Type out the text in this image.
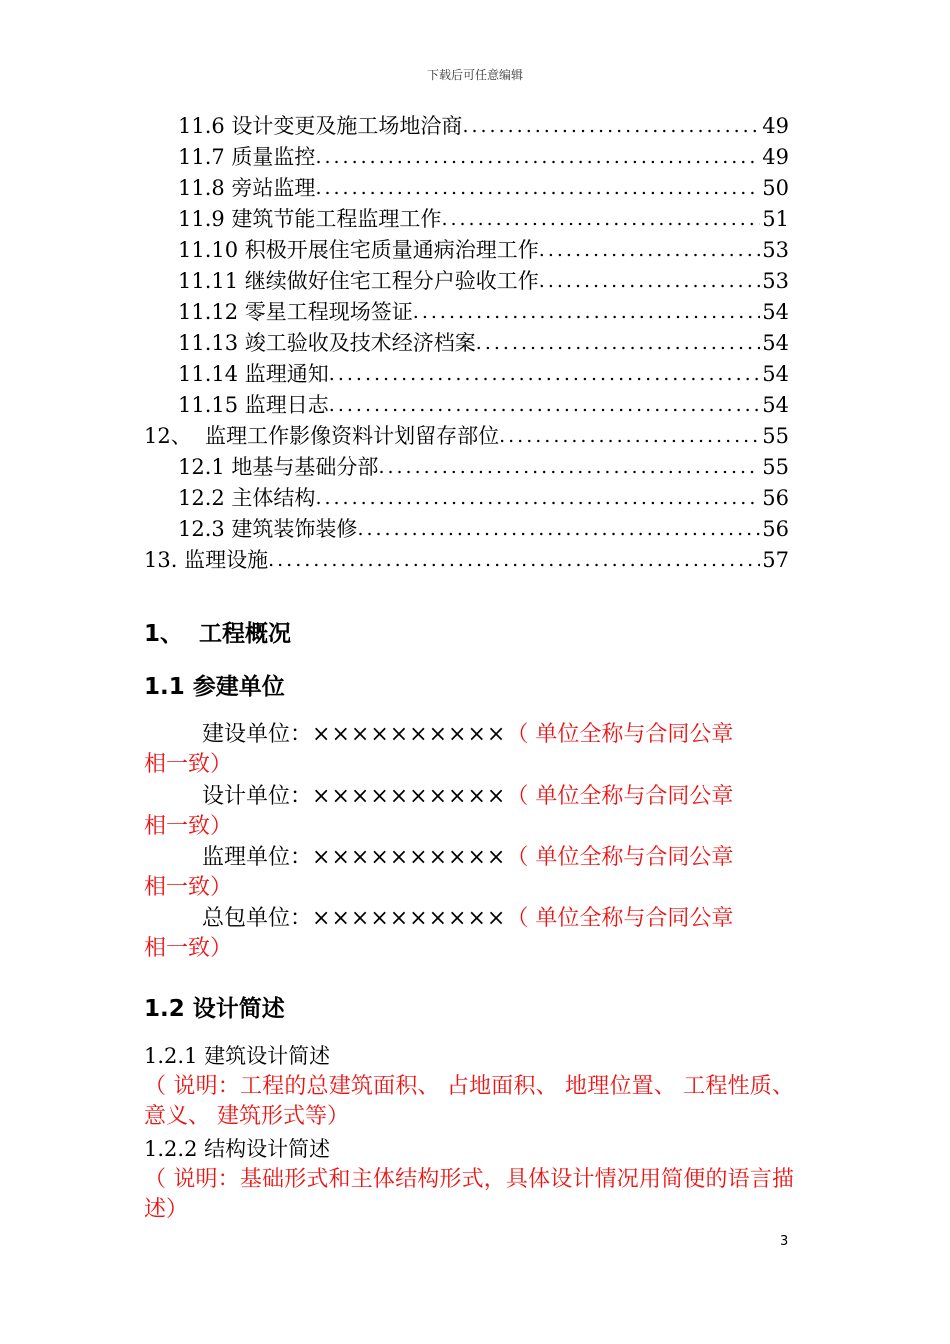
下载后可任意编辑
11.6 设计变更及施工场地洽商 .....	49
11.7 质量监控 .....	49
11.8 旁站监理 .....	50
11.9 建筑节能工程监理工作 .....	51
11.10 积极开展住宅质量通病治理工作 .....	53
11.11 继续做好住宅工程分户验收工作 .....	53
11.12 零星工程现场签证 .....	54
11.13 竣工验收及技术经济档案 .....	54
11.14 监理通知 .....	54
11.15 监理日志 .....	54
12、  监理工作影像资料计划留存部位 .....	55
12.1 地基与基础分部 .....	55
12.2 主体结构 .....	56
12.3 建筑装饰装修 .....	56
13. 监理设施 .....	57
1、  工程概况
1.1 参建单位
建设单位：××××××××××（ 单位全称与合同公章
相一致）
设计单位：××××××××××（ 单位全称与合同公章
相一致）
监理单位：××××××××××（ 单位全称与合同公章
相一致）
总包单位：××××××××××（ 单位全称与合同公章
相一致）
1.2 设计简述
1.2.1 建筑设计简述
（ 说明：工程的总建筑面积、 占地面积、 地理位置、 工程性质、 意义、 建筑形式等）
1.2.2 结构设计简述
（ 说明：基础形式和主体结构形式，具体设计情况用简便的语言描述）
3
